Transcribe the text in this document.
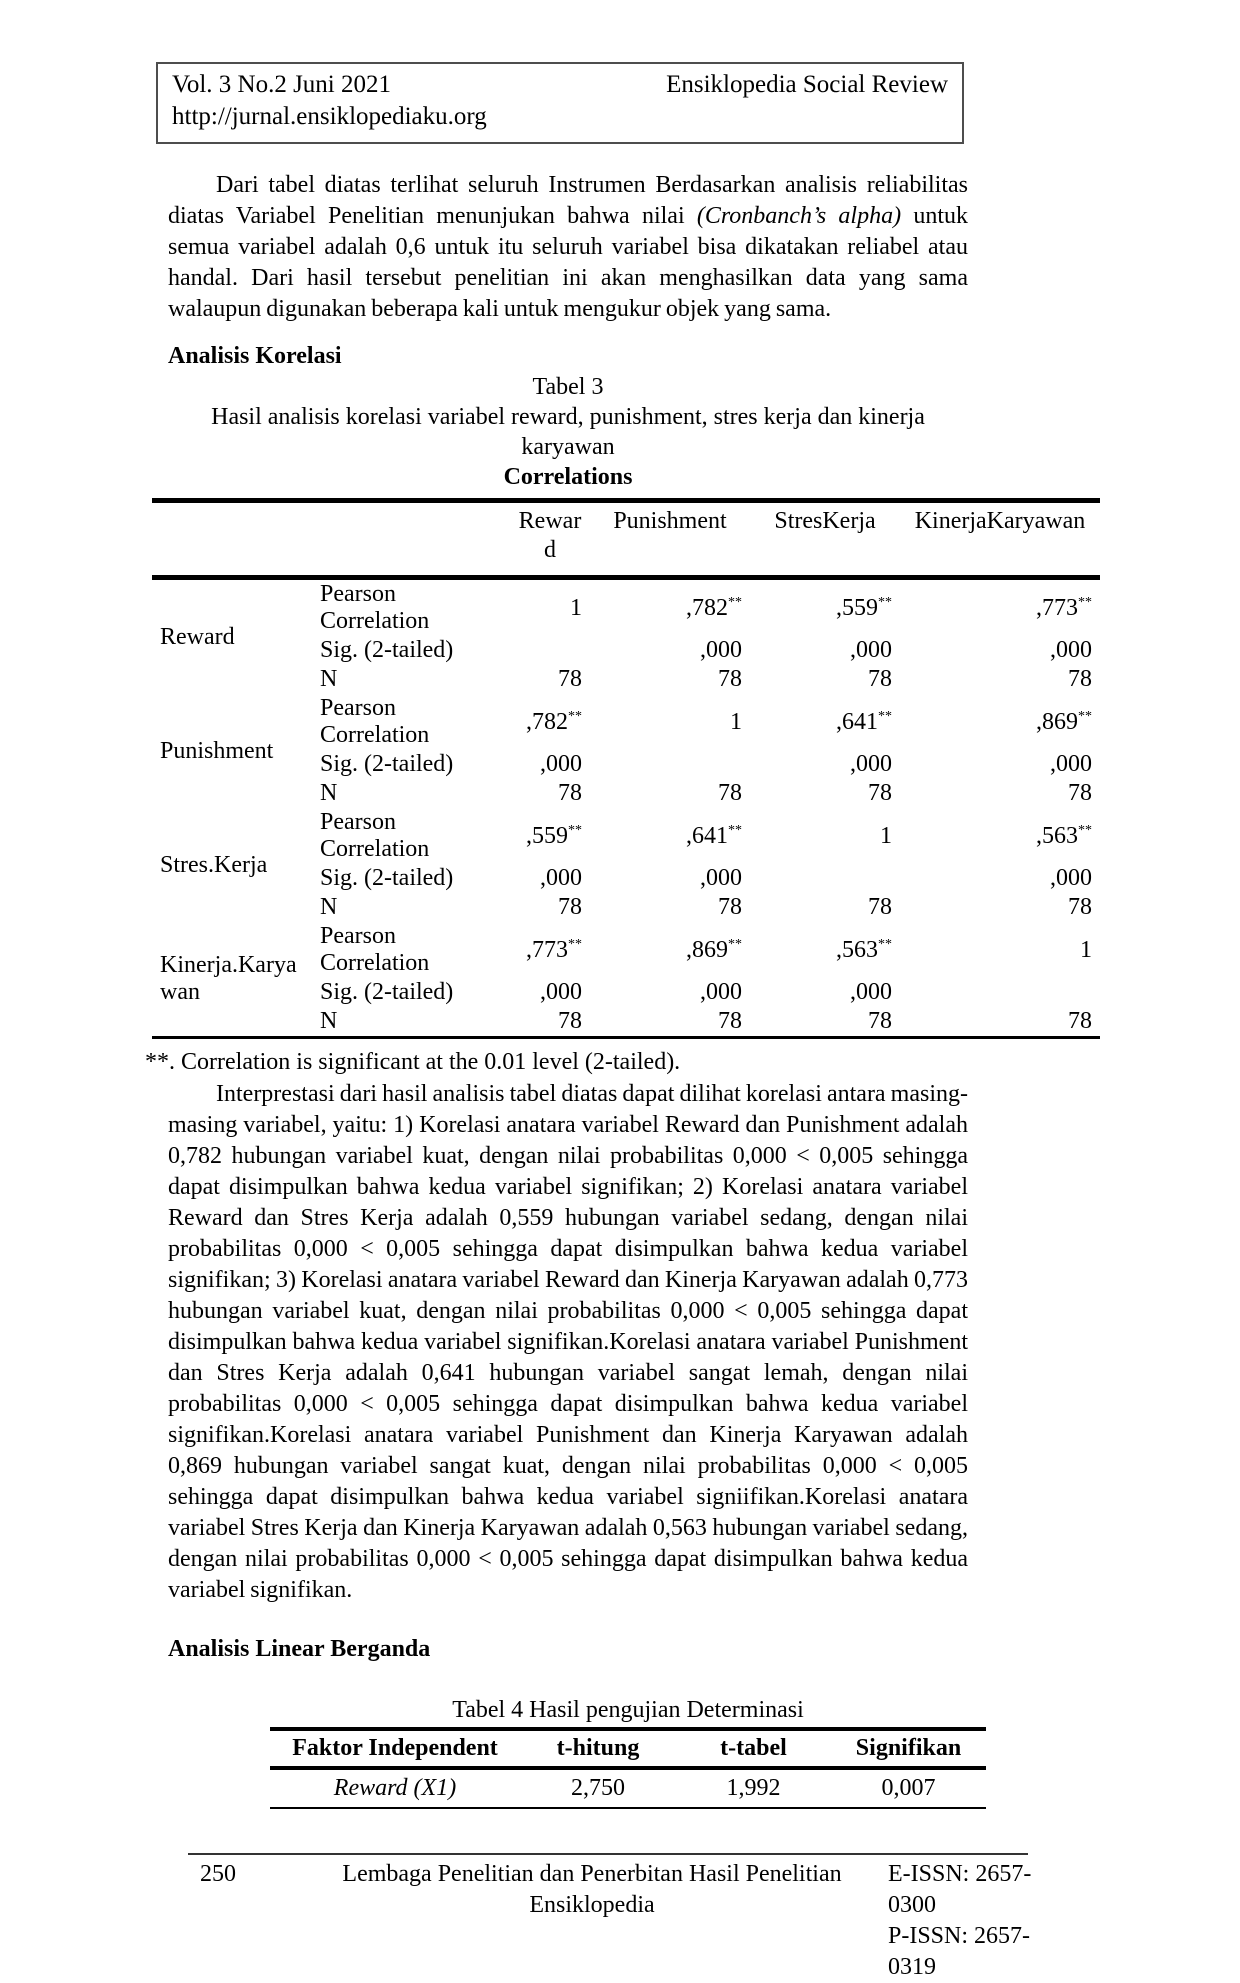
Vol. 3 No.2 Juni 2021	Ensiklopedia Social Review
http://jurnal.ensiklopediaku.org

Dari tabel diatas terlihat seluruh Instrumen Berdasarkan analisis reliabilitas diatas Variabel Penelitian menunjukan bahwa nilai (Cronbanch’s alpha) untuk semua variabel adalah 0,6 untuk itu seluruh variabel bisa dikatakan reliabel atau handal. Dari hasil tersebut penelitian ini akan menghasilkan data yang sama walaupun digunakan beberapa kali untuk mengukur objek yang sama.

Analisis Korelasi
Tabel 3
Hasil analisis korelasi variabel reward, punishment, stres kerja dan kinerja karyawan
Correlations
		Reward	Punishment	StresKerja	KinerjaKaryawan
Reward	Pearson Correlation	1	,782**	,559**	,773**
	Sig. (2-tailed)		,000	,000	,000
	N	78	78	78	78
Punishment	Pearson Correlation	,782**	1	,641**	,869**
	Sig. (2-tailed)	,000		,000	,000
	N	78	78	78	78
Stres.Kerja	Pearson Correlation	,559**	,641**	1	,563**
	Sig. (2-tailed)	,000	,000		,000
	N	78	78	78	78
Kinerja.Karyawan	Pearson Correlation	,773**	,869**	,563**	1
	Sig. (2-tailed)	,000	,000	,000	
	N	78	78	78	78
**. Correlation is significant at the 0.01 level (2-tailed).

Interprestasi dari hasil analisis tabel diatas dapat dilihat korelasi antara masing-masing variabel, yaitu: 1) Korelasi anatara variabel Reward dan Punishment adalah 0,782 hubungan variabel kuat, dengan nilai probabilitas 0,000 < 0,005 sehingga dapat disimpulkan bahwa kedua variabel signifikan; 2) Korelasi anatara variabel Reward dan Stres Kerja adalah 0,559 hubungan variabel sedang, dengan nilai probabilitas 0,000 < 0,005 sehingga dapat disimpulkan bahwa kedua variabel signifikan; 3) Korelasi anatara variabel Reward dan Kinerja Karyawan adalah 0,773 hubungan variabel kuat, dengan nilai probabilitas 0,000 < 0,005 sehingga dapat disimpulkan bahwa kedua variabel signifikan.Korelasi anatara variabel Punishment dan Stres Kerja adalah 0,641 hubungan variabel sangat lemah, dengan nilai probabilitas 0,000 < 0,005 sehingga dapat disimpulkan bahwa kedua variabel signifikan.Korelasi anatara variabel Punishment dan Kinerja Karyawan adalah 0,869 hubungan variabel sangat kuat, dengan nilai probabilitas 0,000 < 0,005 sehingga dapat disimpulkan bahwa kedua variabel signiifikan.Korelasi anatara variabel Stres Kerja dan Kinerja Karyawan adalah 0,563 hubungan variabel sedang, dengan nilai probabilitas 0,000 < 0,005 sehingga dapat disimpulkan bahwa kedua variabel signifikan.

Analisis Linear Berganda
Tabel 4 Hasil pengujian Determinasi
Faktor Independent	t-hitung	t-tabel	Signifikan
Reward (X1)	2,750	1,992	0,007
250	Lembaga Penelitian dan Penerbitan Hasil Penelitian Ensiklopedia
E-ISSN: 2657-0300
P-ISSN: 2657-0319
